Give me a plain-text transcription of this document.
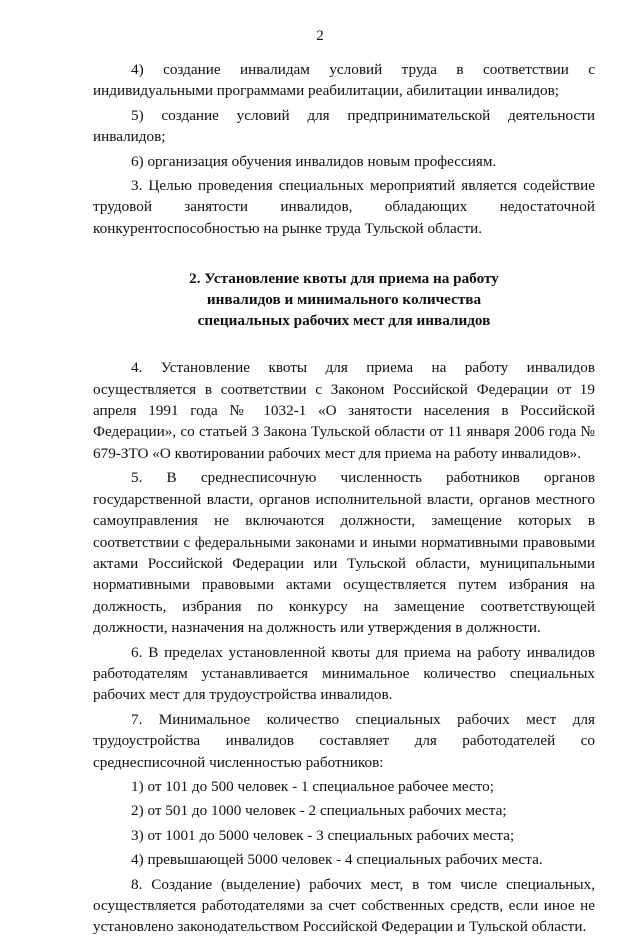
2

4) создание инвалидам условий труда в соответствии с индивидуальными программами реабилитации, абилитации инвалидов;

5) создание условий для предпринимательской деятельности инвалидов;

6) организация обучения инвалидов новым профессиям.

3. Целью проведения специальных мероприятий является содействие трудовой занятости инвалидов, обладающих недостаточной конкурентоспособностью на рынке труда Тульской области.

2. Установление квоты для приема на работу
инвалидов и минимального количества
специальных рабочих мест для инвалидов

4. Установление квоты для приема на работу инвалидов осуществляется в соответствии с Законом Российской Федерации от 19 апреля 1991 года № 1032-1 «О занятости населения в Российской Федерации», со статьей 3 Закона Тульской области от 11 января 2006 года № 679-ЗТО «О квотировании рабочих мест для приема на работу инвалидов».

5. В среднесписочную численность работников органов государственной власти, органов исполнительной власти, органов местного самоуправления не включаются должности, замещение которых в соответствии с федеральными законами и иными нормативными правовыми актами Российской Федерации или Тульской области, муниципальными нормативными правовыми актами осуществляется путем избрания на должность, избрания по конкурсу на замещение соответствующей должности, назначения на должность или утверждения в должности.

6. В пределах установленной квоты для приема на работу инвалидов работодателям устанавливается минимальное количество специальных рабочих мест для трудоустройства инвалидов.

7. Минимальное количество специальных рабочих мест для трудоустройства инвалидов составляет для работодателей со среднесписочной численностью работников:

1) от 101 до 500 человек - 1 специальное рабочее место;

2) от 501 до 1000 человек - 2 специальных рабочих места;

3) от 1001 до 5000 человек - 3 специальных рабочих места;

4) превышающей 5000 человек - 4 специальных рабочих места.

8. Создание (выделение) рабочих мест, в том числе специальных, осуществляется работодателями за счет собственных средств, если иное не установлено законодательством Российской Федерации и Тульской области.
